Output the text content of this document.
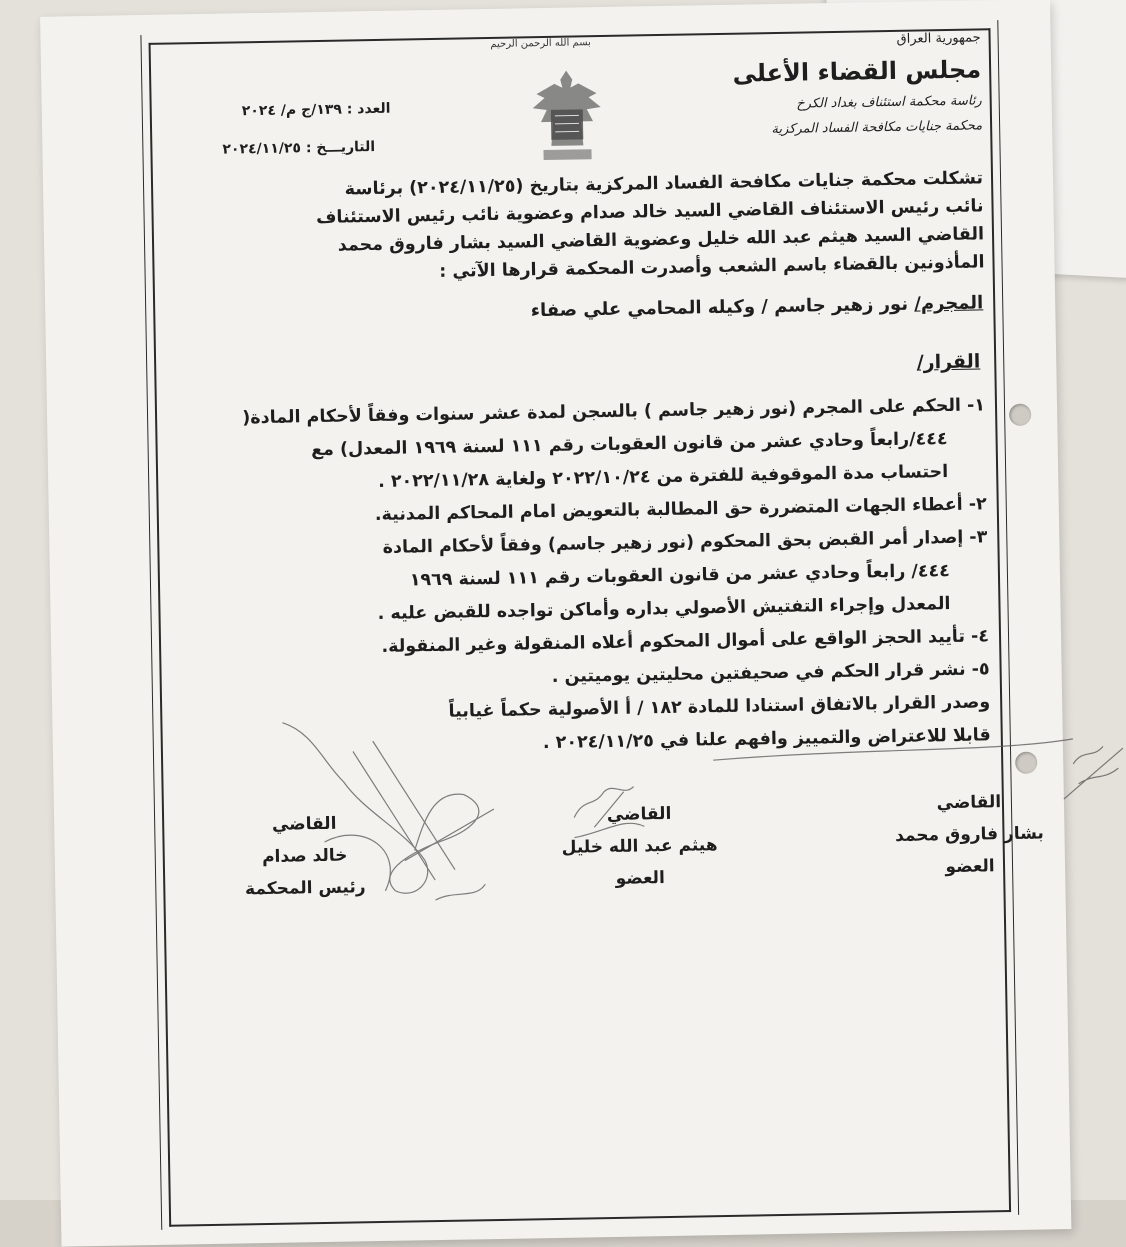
بسم الله الرحمن الرحيم	جمهورية العراق
مجلس القضاء الأعلى
رئاسة محكمة استئناف بغداد الكرخ
محكمة جنايات مكافحة الفساد المركزية
العدد : ١٣٩/ج م/ ٢٠٢٤
التاريـــخ : ٢٠٢٤/١١/٢٥
تشكلت محكمة جنايات مكافحة الفساد المركزية بتاريخ (٢٠٢٤/١١/٢٥) برئاسة
نائب رئيس الاستئناف القاضي السيد خالد صدام وعضوية نائب رئيس الاستئناف
القاضي السيد هيثم عبد الله خليل وعضوية القاضي السيد بشار فاروق محمد
المأذونين بالقضاء باسم الشعب وأصدرت المحكمة قرارها الآتي :
المجرم/ نور زهير جاسم / وكيله المحامي علي صفاء
القرار/
١- الحكم على المجرم (نور زهير جاسم ) بالسجن لمدة عشر سنوات وفقاً لأحكام المادة(
٤٤٤/رابعاً وحادي عشر من قانون العقوبات رقم ١١١ لسنة ١٩٦٩ المعدل) مع
احتساب مدة الموقوفية للفترة من ٢٠٢٢/١٠/٢٤ ولغاية ٢٠٢٢/١١/٢٨ .
٢- أعطاء الجهات المتضررة حق المطالبة بالتعويض امام المحاكم المدنية.
٣- إصدار أمر القبض بحق المحكوم (نور زهير جاسم) وفقاً لأحكام المادة
٤٤٤/ رابعاً وحادي عشر من قانون العقوبات رقم ١١١ لسنة ١٩٦٩
المعدل وإجراء التفتيش الأصولي بداره وأماكن تواجده للقبض عليه .
٤- تأييد الحجز الواقع على أموال المحكوم أعلاه المنقولة وغير المنقولة.
٥- نشر قرار الحكم في صحيفتين محليتين يوميتين .
وصدر القرار بالاتفاق استنادا للمادة ١٨٢ / أ الأصولية حكماً غيابياً
قابلا للاعتراض والتمييز وافهم علنا في ٢٠٢٤/١١/٢٥ .
القاضي
بشار فاروق محمد
العضو
القاضي
هيثم عبد الله خليل
العضو
القاضي
خالد صدام
رئيس المحكمة
